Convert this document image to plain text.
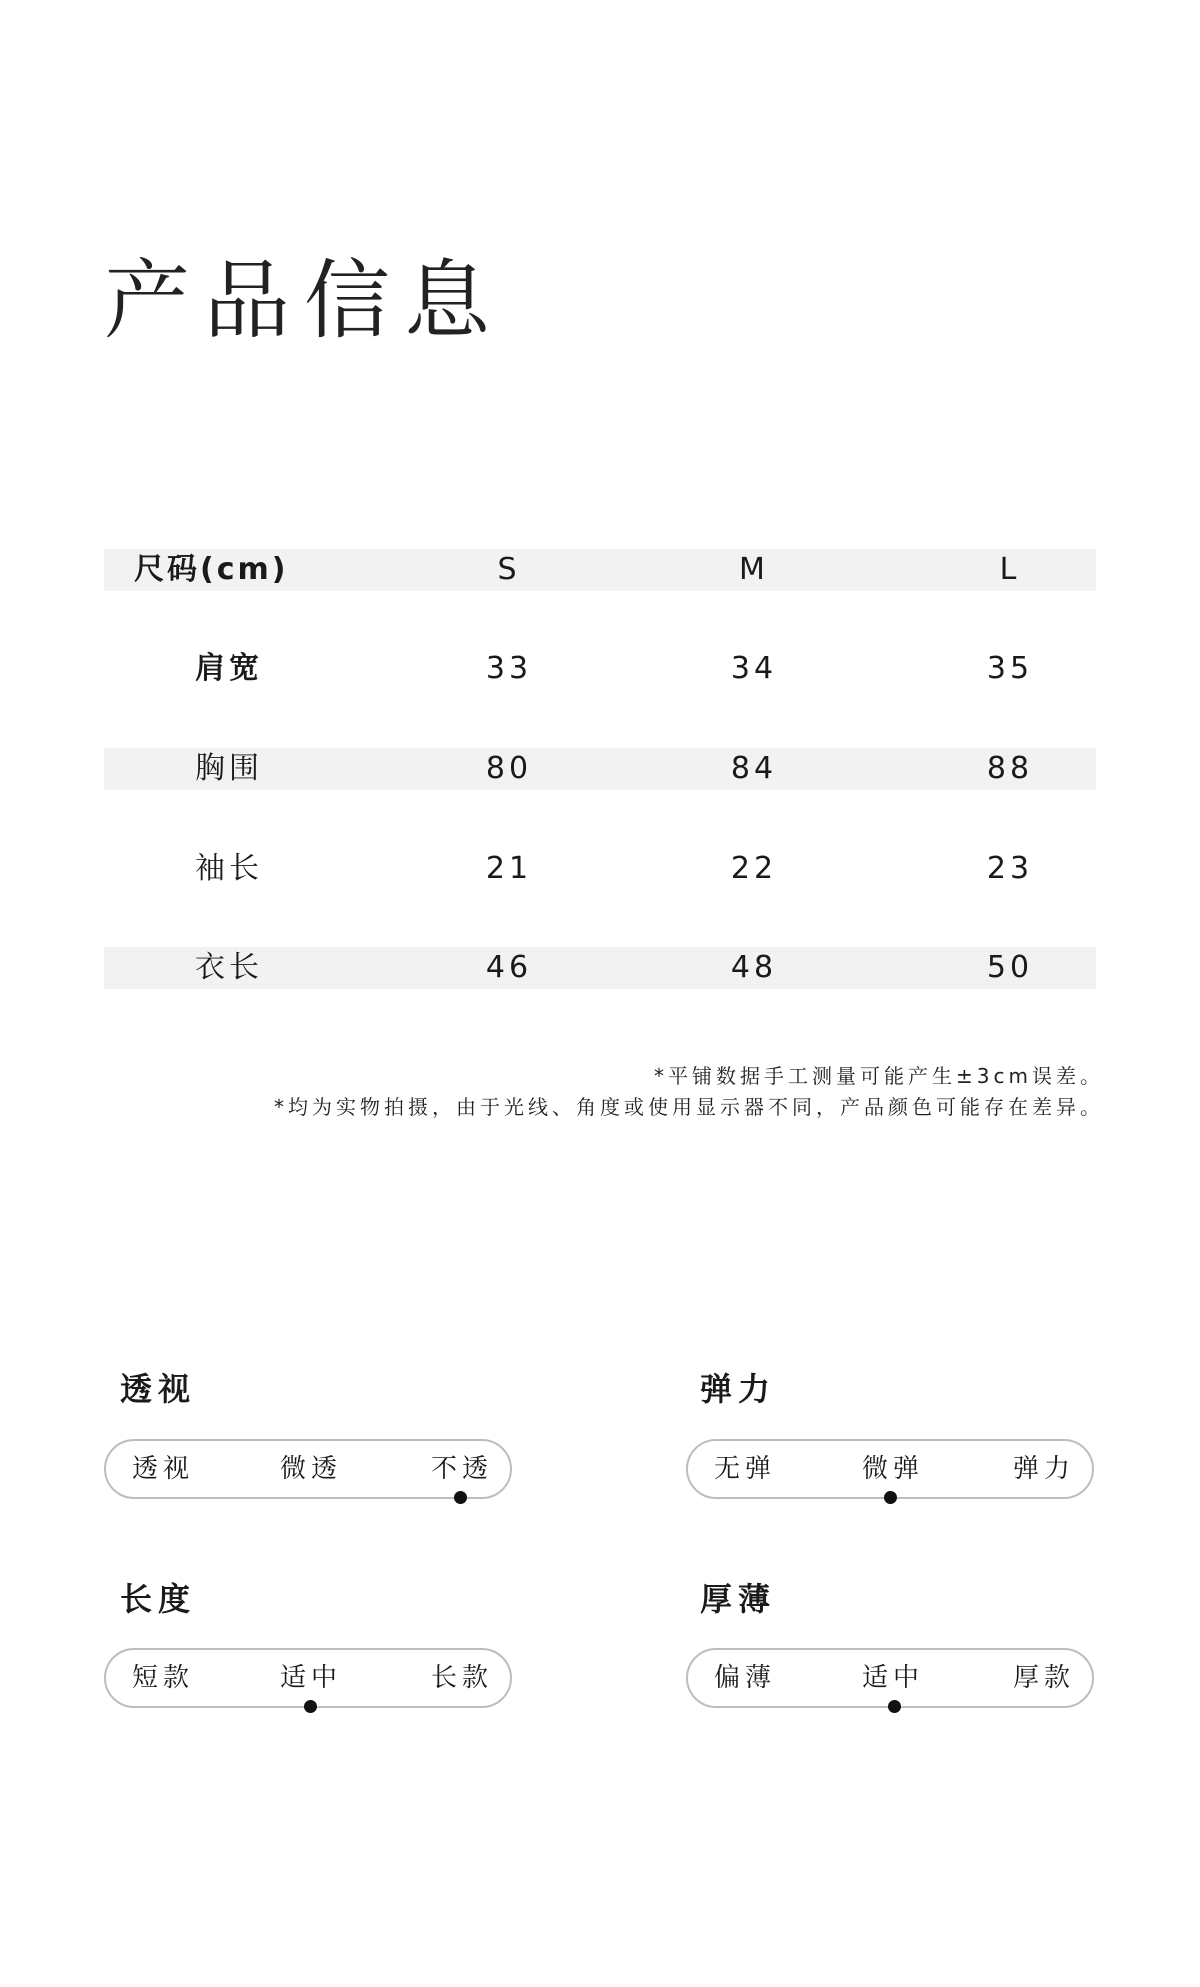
产品信息
尺码(cm)	S	M	L
肩宽	33	34	35
胸围	80	84	88
袖长	21	22	23
衣长	46	48	50
*平铺数据手工测量可能产生±3cm误差。
*均为实物拍摄，由于光线、角度或使用显示器不同，产品颜色可能存在差异。
透视
透视	微透	不透
弹力
无弹	微弹	弹力
长度
短款	适中	长款
厚薄
偏薄	适中	厚款
